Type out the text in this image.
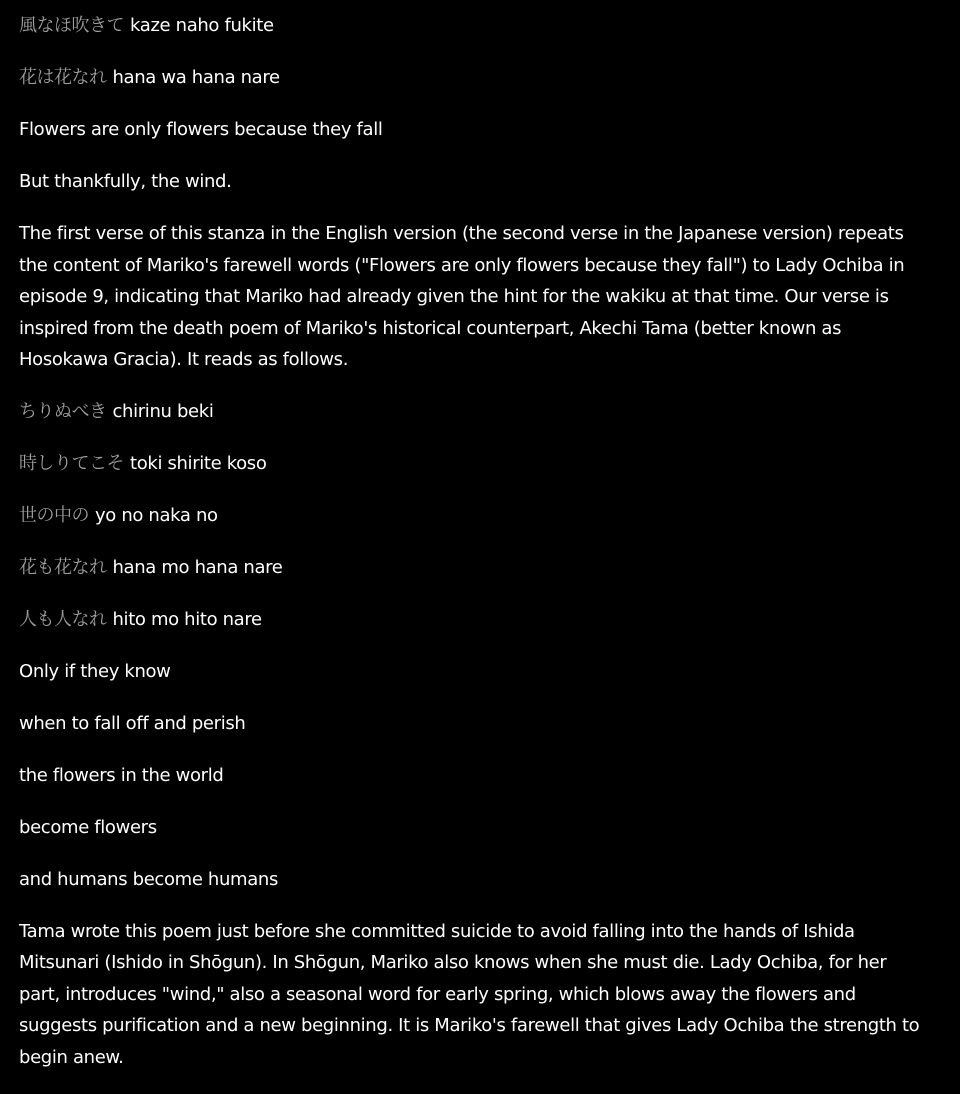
風なほ吹きて kaze naho fukite

花は花なれ hana wa hana nare

Flowers are only flowers because they fall

But thankfully, the wind.

The first verse of this stanza in the English version (the second verse in the Japanese version) repeats the content of Mariko's farewell words ("Flowers are only flowers because they fall") to Lady Ochiba in episode 9, indicating that Mariko had already given the hint for the wakiku at that time. Our verse is inspired from the death poem of Mariko's historical counterpart, Akechi Tama (better known as Hosokawa Gracia). It reads as follows.

ちりぬべき chirinu beki

時しりてこそ toki shirite koso

世の中の yo no naka no

花も花なれ hana mo hana nare

人も人なれ hito mo hito nare

Only if they know

when to fall off and perish

the flowers in the world

become flowers

and humans become humans

Tama wrote this poem just before she committed suicide to avoid falling into the hands of Ishida Mitsunari (Ishido in Shōgun). In Shōgun, Mariko also knows when she must die. Lady Ochiba, for her part, introduces "wind," also a seasonal word for early spring, which blows away the flowers and suggests purification and a new beginning. It is Mariko's farewell that gives Lady Ochiba the strength to begin anew.
